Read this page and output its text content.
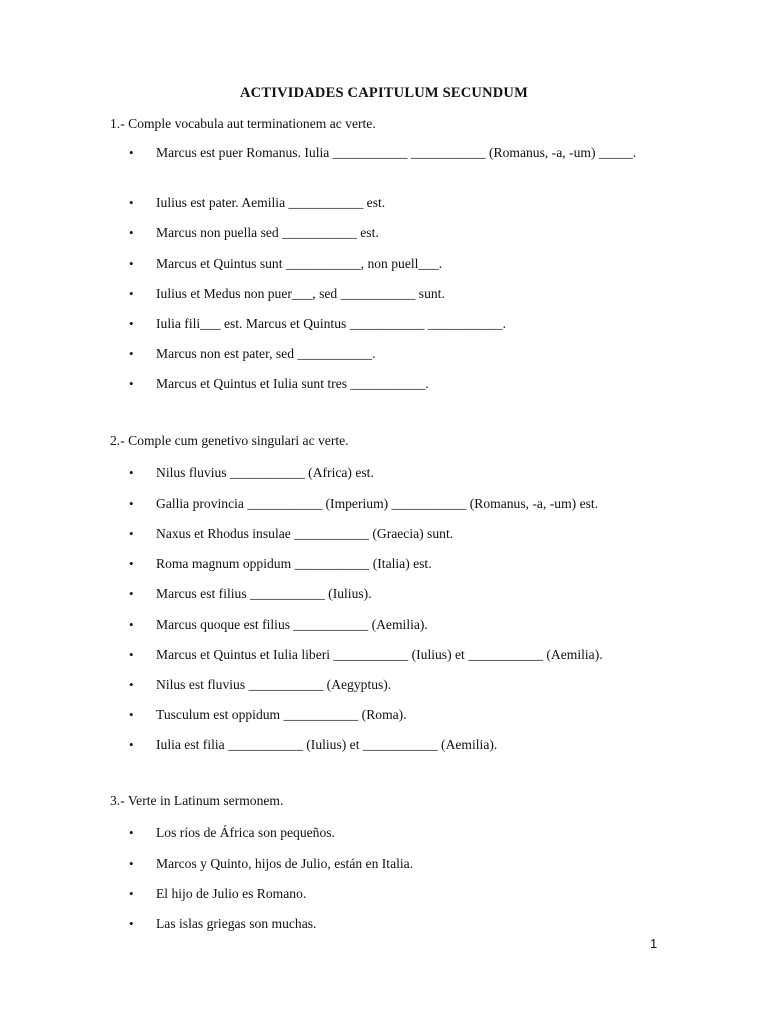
ACTIVIDADES CAPITULUM SECUNDUM
1.- Comple vocabula aut terminationem ac verte.
• Marcus est puer Romanus. Iulia ___________ ___________ (Romanus, -a, -um) _____.
• Iulius est pater. Aemilia ___________ est.
• Marcus non puella sed ___________ est.
• Marcus et Quintus sunt ___________, non puell___.
• Iulius et Medus non puer___, sed ___________ sunt.
• Iulia fili___ est. Marcus et Quintus ___________ ___________.
• Marcus non est pater, sed ___________.
• Marcus et Quintus et Iulia sunt tres ___________.
2.- Comple cum genetivo singulari ac verte.
• Nilus fluvius ___________ (Africa) est.
• Gallia provincia ___________ (Imperium) ___________ (Romanus, -a, -um) est.
• Naxus et Rhodus insulae ___________ (Graecia) sunt.
• Roma magnum oppidum ___________ (Italia) est.
• Marcus est filius ___________ (Iulius).
• Marcus quoque est filius ___________ (Aemilia).
• Marcus et Quintus et Iulia liberi ___________ (Iulius) et ___________ (Aemilia).
• Nilus est fluvius ___________ (Aegyptus).
• Tusculum est oppidum ___________ (Roma).
• Iulia est filia ___________ (Iulius) et ___________ (Aemilia).
3.- Verte in Latinum sermonem.
• Los ríos de África son pequeños.
• Marcos y Quinto, hijos de Julio, están en Italia.
• El hijo de Julio es Romano.
• Las islas griegas son muchas.
1
